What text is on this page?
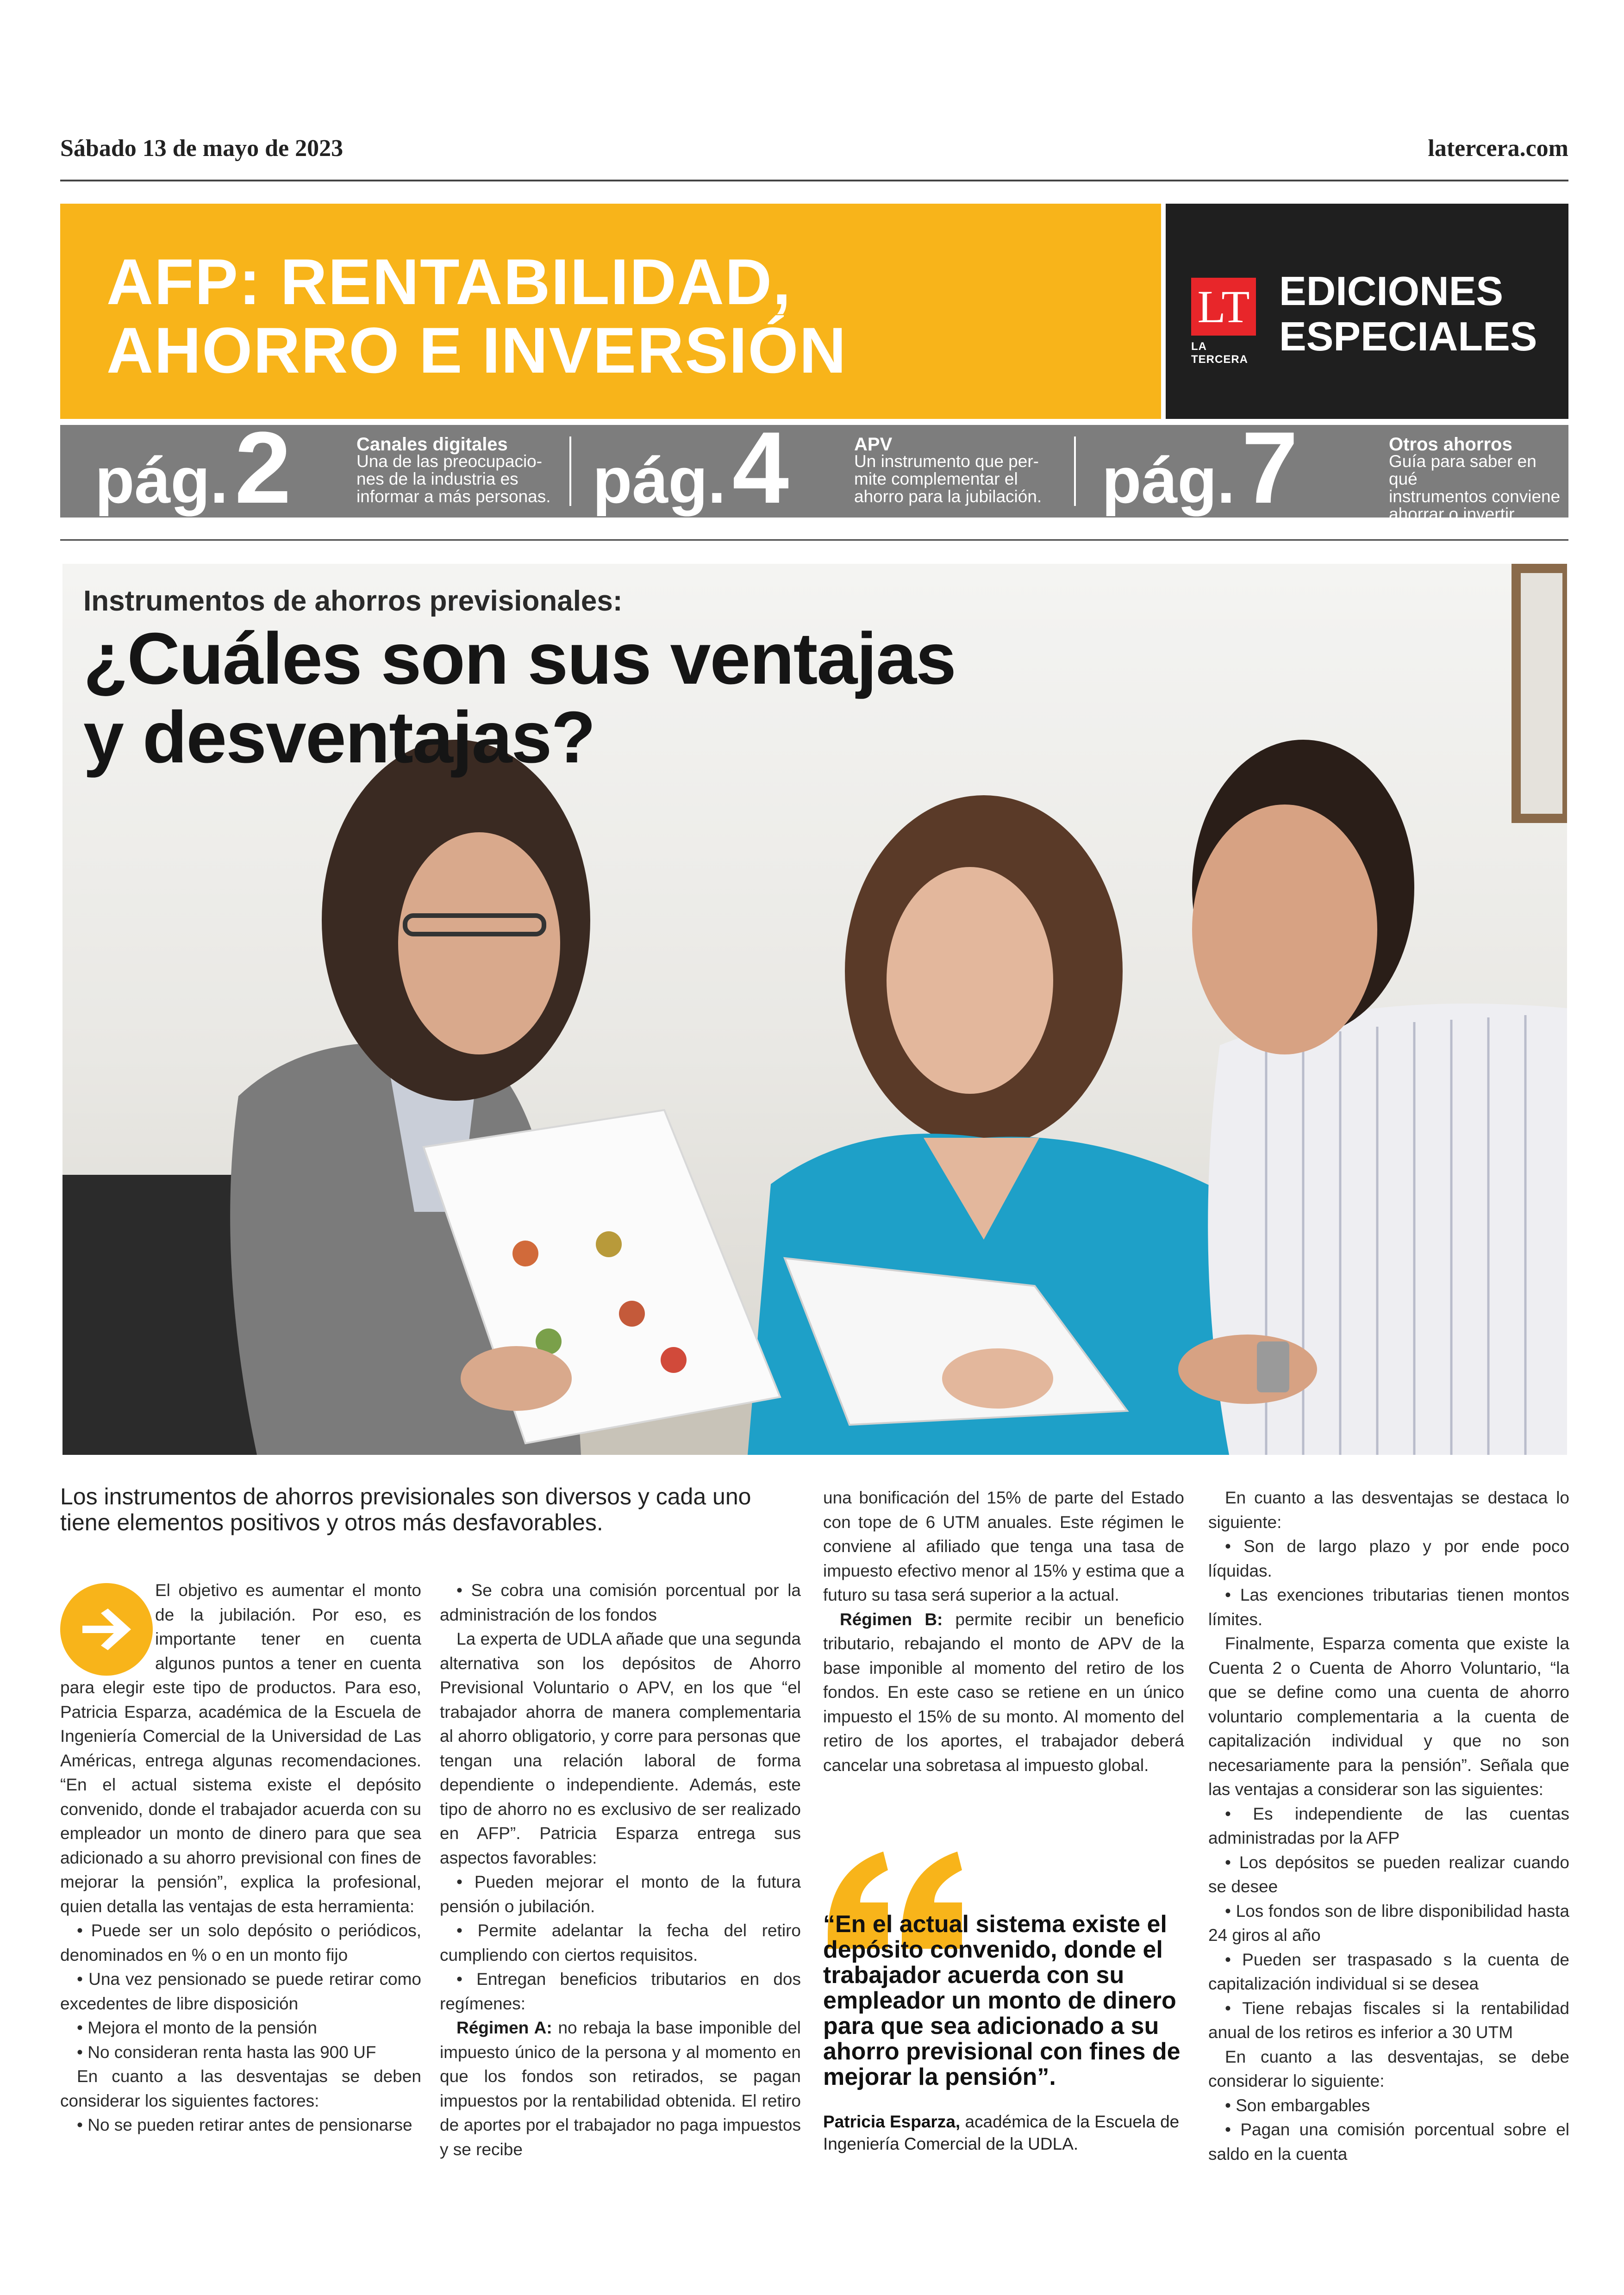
Sábado 13 de mayo de 2023	latercera.com
AFP: RENTABILIDAD,
AHORRO E INVERSIÓN
LT
LA TERCERA
EDICIONES
ESPECIALES
pág.2	Canales digitales
Una de las preocupacio-
nes de la industria es
informar a más personas. pág.4	APV
Un instrumento que per-
mite complementar el
ahorro para la jubilación. pág.7	Otros ahorros
Guía para saber en qué
instrumentos conviene
ahorrar o invertir.
Instrumentos de ahorros previsionales:
¿Cuáles son sus ventajas
y desventajas?
Los instrumentos de ahorros previsionales son diversos y cada uno tiene elementos positivos y otros más desfavorables.

El objetivo es aumentar el monto de la jubilación. Por eso, es importante tener en cuenta algunos puntos a tener en cuenta para elegir este tipo de productos. Para eso, Patricia Esparza, académica de la Escuela de Ingeniería Comercial de la Universidad de Las Américas, entrega algunas recomendaciones. “En el actual sistema existe el depósito convenido, donde el trabajador acuerda con su empleador un monto de dinero para que sea adicionado a su ahorro previsional con fines de mejorar la pensión”, explica la profesional, quien detalla las ventajas de esta herramienta:

• Puede ser un solo depósito o periódicos, denominados en % o en un monto fijo

• Una vez pensionado se puede retirar como excedentes de libre disposición

• Mejora el monto de la pensión

• No consideran renta hasta las 900 UF

En cuanto a las desventajas se deben considerar los siguientes factores:

• No se pueden retirar antes de pensionarse

• Se cobra una comisión porcentual por la administración de los fondos

La experta de UDLA añade que una segunda alternativa son los depósitos de Ahorro Previsional Voluntario o APV, en los que “el trabajador ahorra de manera complementaria al ahorro obligatorio, y corre para personas que tengan una relación laboral de forma dependiente o independiente. Además, este tipo de ahorro no es exclusivo de ser realizado en AFP”. Patricia Esparza entrega sus aspectos favorables:

• Pueden mejorar el monto de la futura pensión o jubilación.

• Permite adelantar la fecha del retiro cumpliendo con ciertos requisitos.

• Entregan beneficios tributarios en dos regímenes:

Régimen A: no rebaja la base imponible del impuesto único de la persona y al momento en que los fondos son retirados, se pagan impuestos por la rentabilidad obtenida. El retiro de aportes por el trabajador no paga impuestos y se recibe

una bonificación del 15% de parte del Estado con tope de 6 UTM anuales. Este régimen le conviene al afiliado que tenga una tasa de impuesto efectivo menor al 15% y estima que a futuro su tasa será superior a la actual.

Régimen B: permite recibir un beneficio tributario, rebajando el monto de APV de la base imponible al momento del retiro de los fondos. En este caso se retiene en un único impuesto el 15% de su monto. Al momento del retiro de los aportes, el trabajador deberá cancelar una sobretasa al impuesto global.

“En el actual sistema existe el depósito convenido, donde el trabajador acuerda con su empleador un monto de dinero para que sea adicionado a su ahorro previsional con fines de mejorar la pensión”.
Patricia Esparza, académica de la Escuela de Ingeniería Comercial de la UDLA.

En cuanto a las desventajas se destaca lo siguiente:

• Son de largo plazo y por ende poco líquidas.

• Las exenciones tributarias tienen montos límites.

Finalmente, Esparza comenta que existe la Cuenta 2 o Cuenta de Ahorro Voluntario, “la que se define como una cuenta de ahorro voluntario complementaria a la cuenta de capitalización individual y que no son necesariamente para la pensión”. Señala que las ventajas a considerar son las siguientes:

• Es independiente de las cuentas administradas por la AFP

• Los depósitos se pueden realizar cuando se desee

• Los fondos son de libre disponibilidad hasta 24 giros al año

• Pueden ser traspasado s la cuenta de capitalización individual si se desea

• Tiene rebajas fiscales si la rentabilidad anual de los retiros es inferior a 30 UTM

En cuanto a las desventajas, se debe considerar lo siguiente:

• Son embargables

• Pagan una comisión porcentual sobre el saldo en la cuenta
